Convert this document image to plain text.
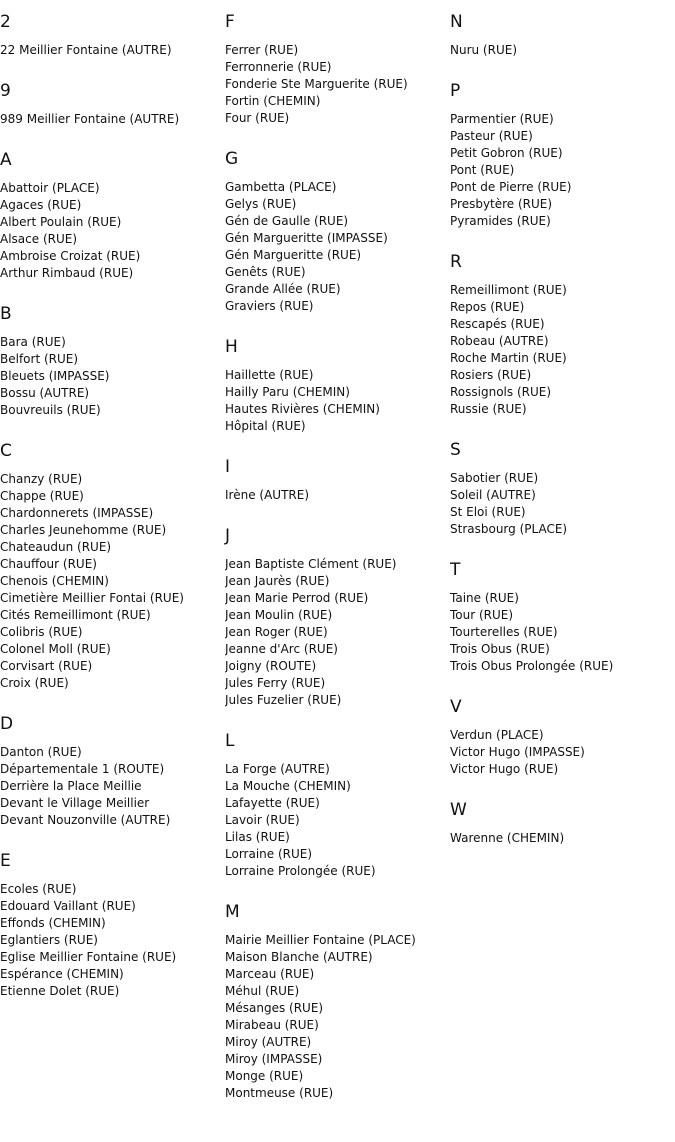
2
22 Meillier Fontaine (AUTRE)
9
989 Meillier Fontaine (AUTRE)
A
Abattoir (PLACE)
Agaces (RUE)
Albert Poulain (RUE)
Alsace (RUE)
Ambroise Croizat (RUE)
Arthur Rimbaud (RUE)
B
Bara (RUE)
Belfort (RUE)
Bleuets (IMPASSE)
Bossu (AUTRE)
Bouvreuils (RUE)
C
Chanzy (RUE)
Chappe (RUE)
Chardonnerets (IMPASSE)
Charles Jeunehomme (RUE)
Chateaudun (RUE)
Chauffour (RUE)
Chenois (CHEMIN)
Cimetière Meillier Fontai (RUE)
Cités Remeillimont (RUE)
Colibris (RUE)
Colonel Moll (RUE)
Corvisart (RUE)
Croix (RUE)
D
Danton (RUE)
Départementale 1 (ROUTE)
Derrière la Place Meillie
Devant le Village Meillier
Devant Nouzonville (AUTRE)
E
Ecoles (RUE)
Edouard Vaillant (RUE)
Effonds (CHEMIN)
Eglantiers (RUE)
Eglise Meillier Fontaine (RUE)
Espérance (CHEMIN)
Etienne Dolet (RUE)
F
Ferrer (RUE)
Ferronnerie (RUE)
Fonderie Ste Marguerite (RUE)
Fortin (CHEMIN)
Four (RUE)
G
Gambetta (PLACE)
Gelys (RUE)
Gén de Gaulle (RUE)
Gén Margueritte (IMPASSE)
Gén Margueritte (RUE)
Genêts (RUE)
Grande Allée (RUE)
Graviers (RUE)
H
Haillette (RUE)
Hailly Paru (CHEMIN)
Hautes Rivières (CHEMIN)
Hôpital (RUE)
I
Irène (AUTRE)
J
Jean Baptiste Clément (RUE)
Jean Jaurès (RUE)
Jean Marie Perrod (RUE)
Jean Moulin (RUE)
Jean Roger (RUE)
Jeanne d'Arc (RUE)
Joigny (ROUTE)
Jules Ferry (RUE)
Jules Fuzelier (RUE)
L
La Forge (AUTRE)
La Mouche (CHEMIN)
Lafayette (RUE)
Lavoir (RUE)
Lilas (RUE)
Lorraine (RUE)
Lorraine Prolongée (RUE)
M
Mairie Meillier Fontaine (PLACE)
Maison Blanche (AUTRE)
Marceau (RUE)
Méhul (RUE)
Mésanges (RUE)
Mirabeau (RUE)
Miroy (AUTRE)
Miroy (IMPASSE)
Monge (RUE)
Montmeuse (RUE)
N
Nuru (RUE)
P
Parmentier (RUE)
Pasteur (RUE)
Petit Gobron (RUE)
Pont (RUE)
Pont de Pierre (RUE)
Presbytère (RUE)
Pyramides (RUE)
R
Remeillimont (RUE)
Repos (RUE)
Rescapés (RUE)
Robeau (AUTRE)
Roche Martin (RUE)
Rosiers (RUE)
Rossignols (RUE)
Russie (RUE)
S
Sabotier (RUE)
Soleil (AUTRE)
St Eloi (RUE)
Strasbourg (PLACE)
T
Taine (RUE)
Tour (RUE)
Tourterelles (RUE)
Trois Obus (RUE)
Trois Obus Prolongée (RUE)
V
Verdun (PLACE)
Victor Hugo (IMPASSE)
Victor Hugo (RUE)
W
Warenne (CHEMIN)
